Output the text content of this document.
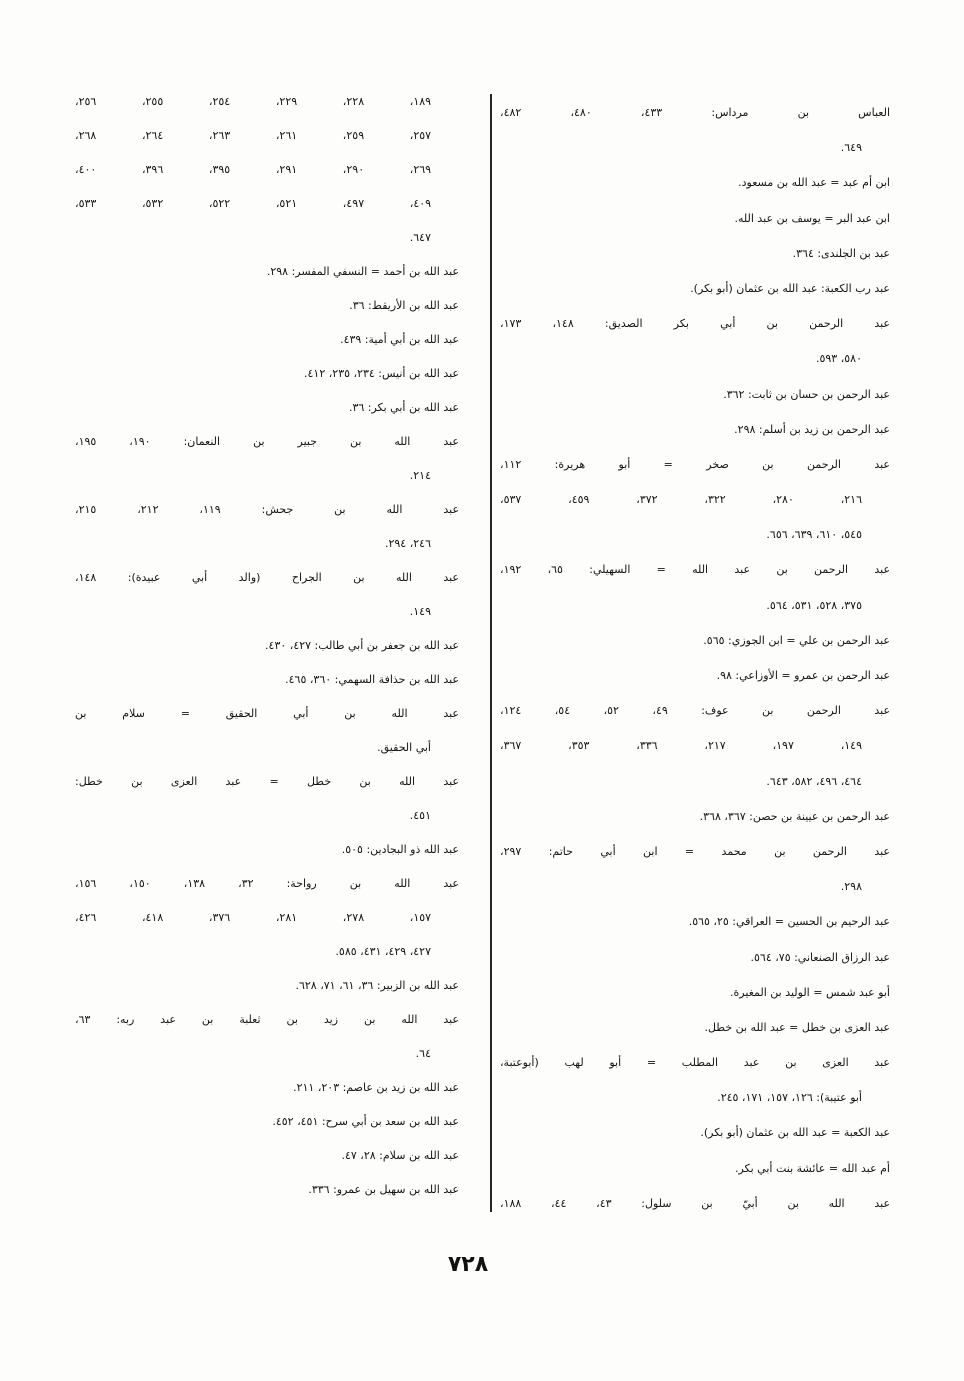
العباس بن مرداس: ٤٣٣، ٤٨٠، ٤٨٢،
٦٤٩.
ابن أم عبد = عبد الله بن مسعود.
ابن عبد البر = يوسف بن عبد الله.
عبد بن الجلندى: ٣٦٤.
عبد رب الكعبة: عبد الله بن عثمان (أبو بكر).
عبد الرحمن بن أبي بكر الصديق: ١٤٨، ١٧٣،
٥٨٠، ٥٩٣.
عبد الرحمن بن حسان بن ثابت: ٣٦٢.
عبد الرحمن بن زيد بن أسلم: ٢٩٨.
عبد الرحمن بن صخر = أبو هريرة: ١١٢،
٢١٦، ٢٨٠، ٣٢٢، ٣٧٢، ٤٥٩، ٥٣٧،
٥٤٥، ٦١٠، ٦٣٩، ٦٥٦.
عبد الرحمن بن عبد الله = السهيلي: ٦٥، ١٩٢،
٣٧٥، ٥٢٨، ٥٣١، ٥٦٤.
عبد الرحمن بن علي = ابن الجوزي: ٥٦٥.
عبد الرحمن بن عمرو = الأوزاعي: ٩٨.
عبد الرحمن بن عوف: ٤٩، ٥٢، ٥٤، ١٢٤،
١٤٩، ١٩٧، ٢١٧، ٣٣٦، ٣٥٣، ٣٦٧،
٤٦٤، ٤٩٦، ٥٨٢، ٦٤٣.
عبد الرحمن بن عيينة بن حصن: ٣٦٧، ٣٦٨.
عبد الرحمن بن محمد = ابن أبي حاتم: ٢٩٧،
٢٩٨.
عبد الرحيم بن الحسين = العراقي: ٢٥، ٥٦٥.
عبد الرزاق الصنعاني: ٧٥، ٥٦٤.
أبو عبد شمس = الوليد بن المغيرة.
عبد العزى بن خطل = عبد الله بن خطل.
عبد العزى بن عبد المطلب = أبو لهب (أبوعتبة،
أبو عتيبة): ١٢٦، ١٥٧، ١٧١، ٢٤٥.
عبد الكعبة = عبد الله بن عثمان (أبو بكر).
أم عبد الله = عائشة بنت أبي بكر.
عبد الله بن أبيّ بن سلول: ٤٣، ٤٤، ١٨٨،
١٨٩، ٢٢٨، ٢٢٩، ٢٥٤، ٢٥٥، ٢٥٦،
٢٥٧، ٢٥٩، ٢٦١، ٢٦٣، ٢٦٤، ٢٦٨،
٢٦٩، ٢٩٠، ٢٩١، ٣٩٥، ٣٩٦، ٤٠٠،
٤٠٩، ٤٩٧، ٥٢١، ٥٢٢، ٥٣٢، ٥٣٣،
٦٤٧.
عبد الله بن أحمد = النسفي المفسر: ٢٩٨.
عبد الله بن الأريقط: ٣٦.
عبد الله بن أبي أمية: ٤٣٩.
عبد الله بن أنيس: ٢٣٤، ٢٣٥، ٤١٢.
عبد الله بن أبي بكر: ٣٦.
عبد الله بن جبير بن النعمان: ١٩٠، ١٩٥،
٢١٤.
عبد الله بن جحش: ١١٩، ٢١٢، ٢١٥،
٢٤٦، ٢٩٤.
عبد الله بن الجراح (والد أبي عبيدة): ١٤٨،
١٤٩.
عبد الله بن جعفر بن أبي طالب: ٤٢٧، ٤٣٠.
عبد الله بن حذافة السهمي: ٣٦٠، ٤٦٥.
عبد الله بن أبي الحقيق = سلام بن
أبي الحقيق.
عبد الله بن خطل = عبد العزى بن خطل:
٤٥١.
عبد الله ذو البجادين: ٥٠٥.
عبد الله بن رواحة: ٣٢، ١٣٨، ١٥٠، ١٥٦،
١٥٧، ٢٧٨، ٢٨١، ٣٧٦، ٤١٨، ٤٢٦،
٤٢٧، ٤٢٩، ٤٣١، ٥٨٥.
عبد الله بن الزبير: ٣٦، ٦١، ٧١، ٦٢٨.
عبد الله بن زيد بن ثعلبة بن عبد ربه: ٦٣،
٦٤.
عبد الله بن زيد بن عاصم: ٢٠٣، ٢١١.
عبد الله بن سعد بن أبي سرح: ٤٥١، ٤٥٢.
عبد الله بن سلام: ٢٨، ٤٧.
عبد الله بن سهيل بن عمرو: ٣٣٦.
٧٢٨
